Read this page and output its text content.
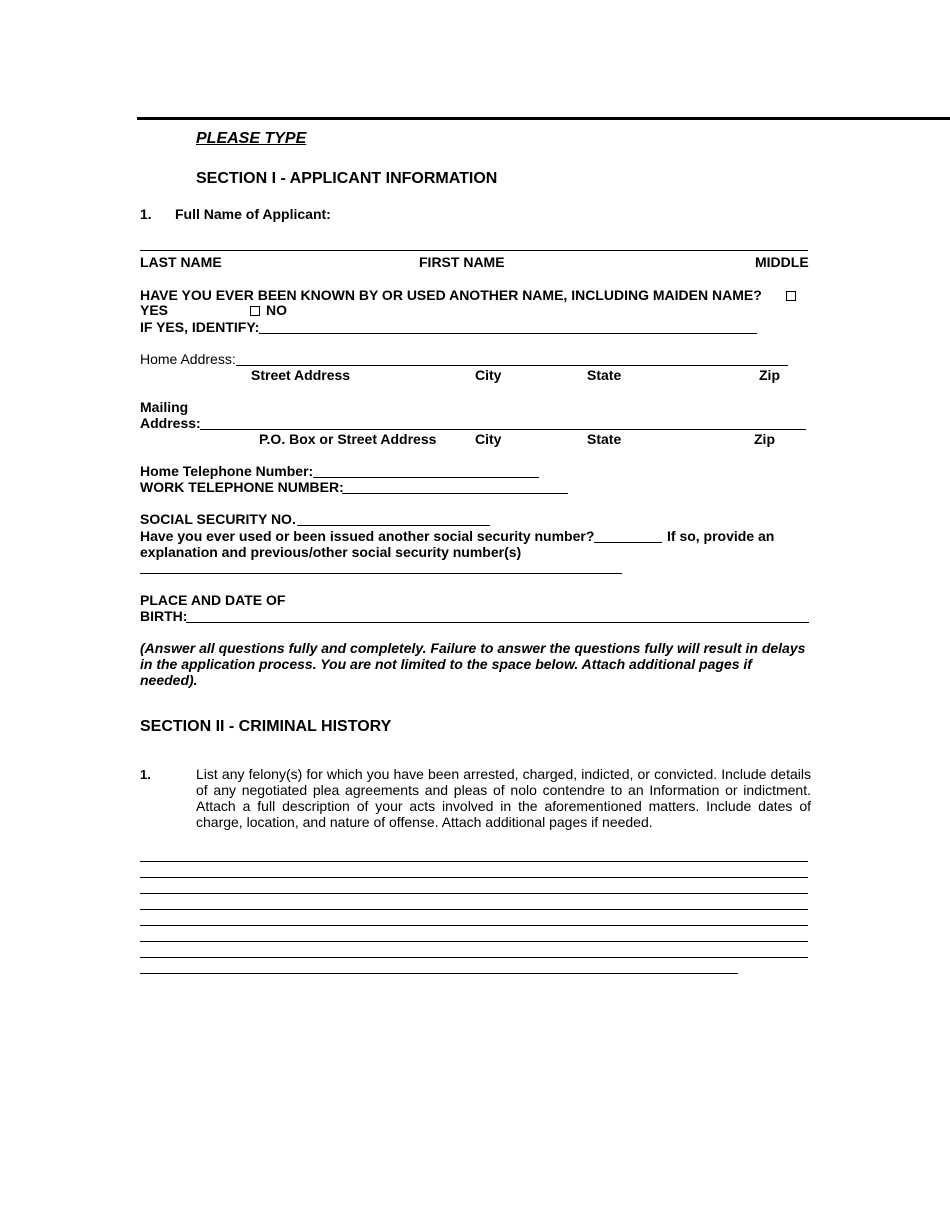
PLEASE TYPE
SECTION I - APPLICANT INFORMATION
1. Full Name of Applicant:
LAST NAME	FIRST NAME	MIDDLE
HAVE YOU EVER BEEN KNOWN BY OR USED ANOTHER NAME, INCLUDING MAIDEN NAME?
YES	NO
IF YES, IDENTIFY:
Home Address:
Street Address	City	State	Zip
Mailing
Address:
P.O. Box or Street Address	City	State	Zip
Home Telephone Number:
WORK TELEPHONE NUMBER:
SOCIAL SECURITY NO.
Have you ever used or been issued another social security number?	If so, provide an
explanation and previous/other social security number(s)
PLACE AND DATE OF
BIRTH:
(Answer all questions fully and completely. Failure to answer the questions fully will result in delays in the application process. You are not limited to the space below. Attach additional pages if needed).
SECTION II - CRIMINAL HISTORY
1.	List any felony(s) for which you have been arrested, charged, indicted, or convicted. Include details of any negotiated plea agreements and pleas of nolo contendre to an Information or indictment. Attach a full description of your acts involved in the aforementioned matters. Include dates of charge, location, and nature of offense. Attach additional pages if needed.
